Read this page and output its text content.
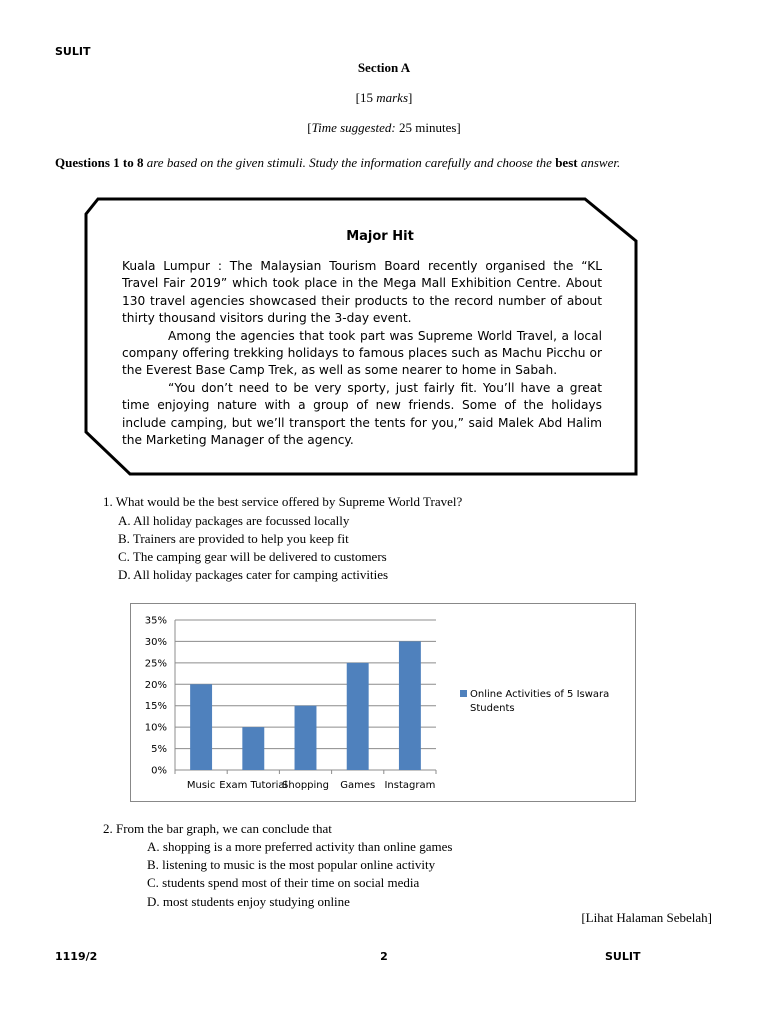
SULIT
Section A
[15 marks]
[Time suggested: 25 minutes]
Questions 1 to 8 are based on the given stimuli. Study the information carefully and choose the best answer.
Major Hit

Kuala Lumpur : The Malaysian Tourism Board recently organised the “KL Travel Fair 2019” which took place in the Mega Mall Exhibition Centre. About 130 travel agencies showcased their products to the record number of about thirty thousand visitors during the 3-day event.

Among the agencies that took part was Supreme World Travel, a local company offering trekking holidays to famous places such as Machu Picchu or the Everest Base Camp Trek, as well as some nearer to home in Sabah.

“You don’t need to be very sporty, just fairly fit. You’ll have a great time enjoying nature with a group of new friends. Some of the holidays include camping, but we’ll transport the tents for you,” said Malek Abd Halim the Marketing Manager of the agency.

1. What would be the best service offered by Supreme World Travel?
A. All holiday packages are focussed locally
B. Trainers are provided to help you keep fit
C. The camping gear will be delivered to customers
D. All holiday packages cater for camping activities
0%
5%
10%
15%
20%
25%
30%
35%
Music Exam Tutorial
Shopping Games Instagram
Online Activities of 5 Iswara
Students
2. From the bar graph, we can conclude that
A. shopping is a more preferred activity than online games
B. listening to music is the most popular online activity
C. students spend most of their time on social media
D. most students enjoy studying online
[Lihat Halaman Sebelah]
1119/2	2	SULIT
